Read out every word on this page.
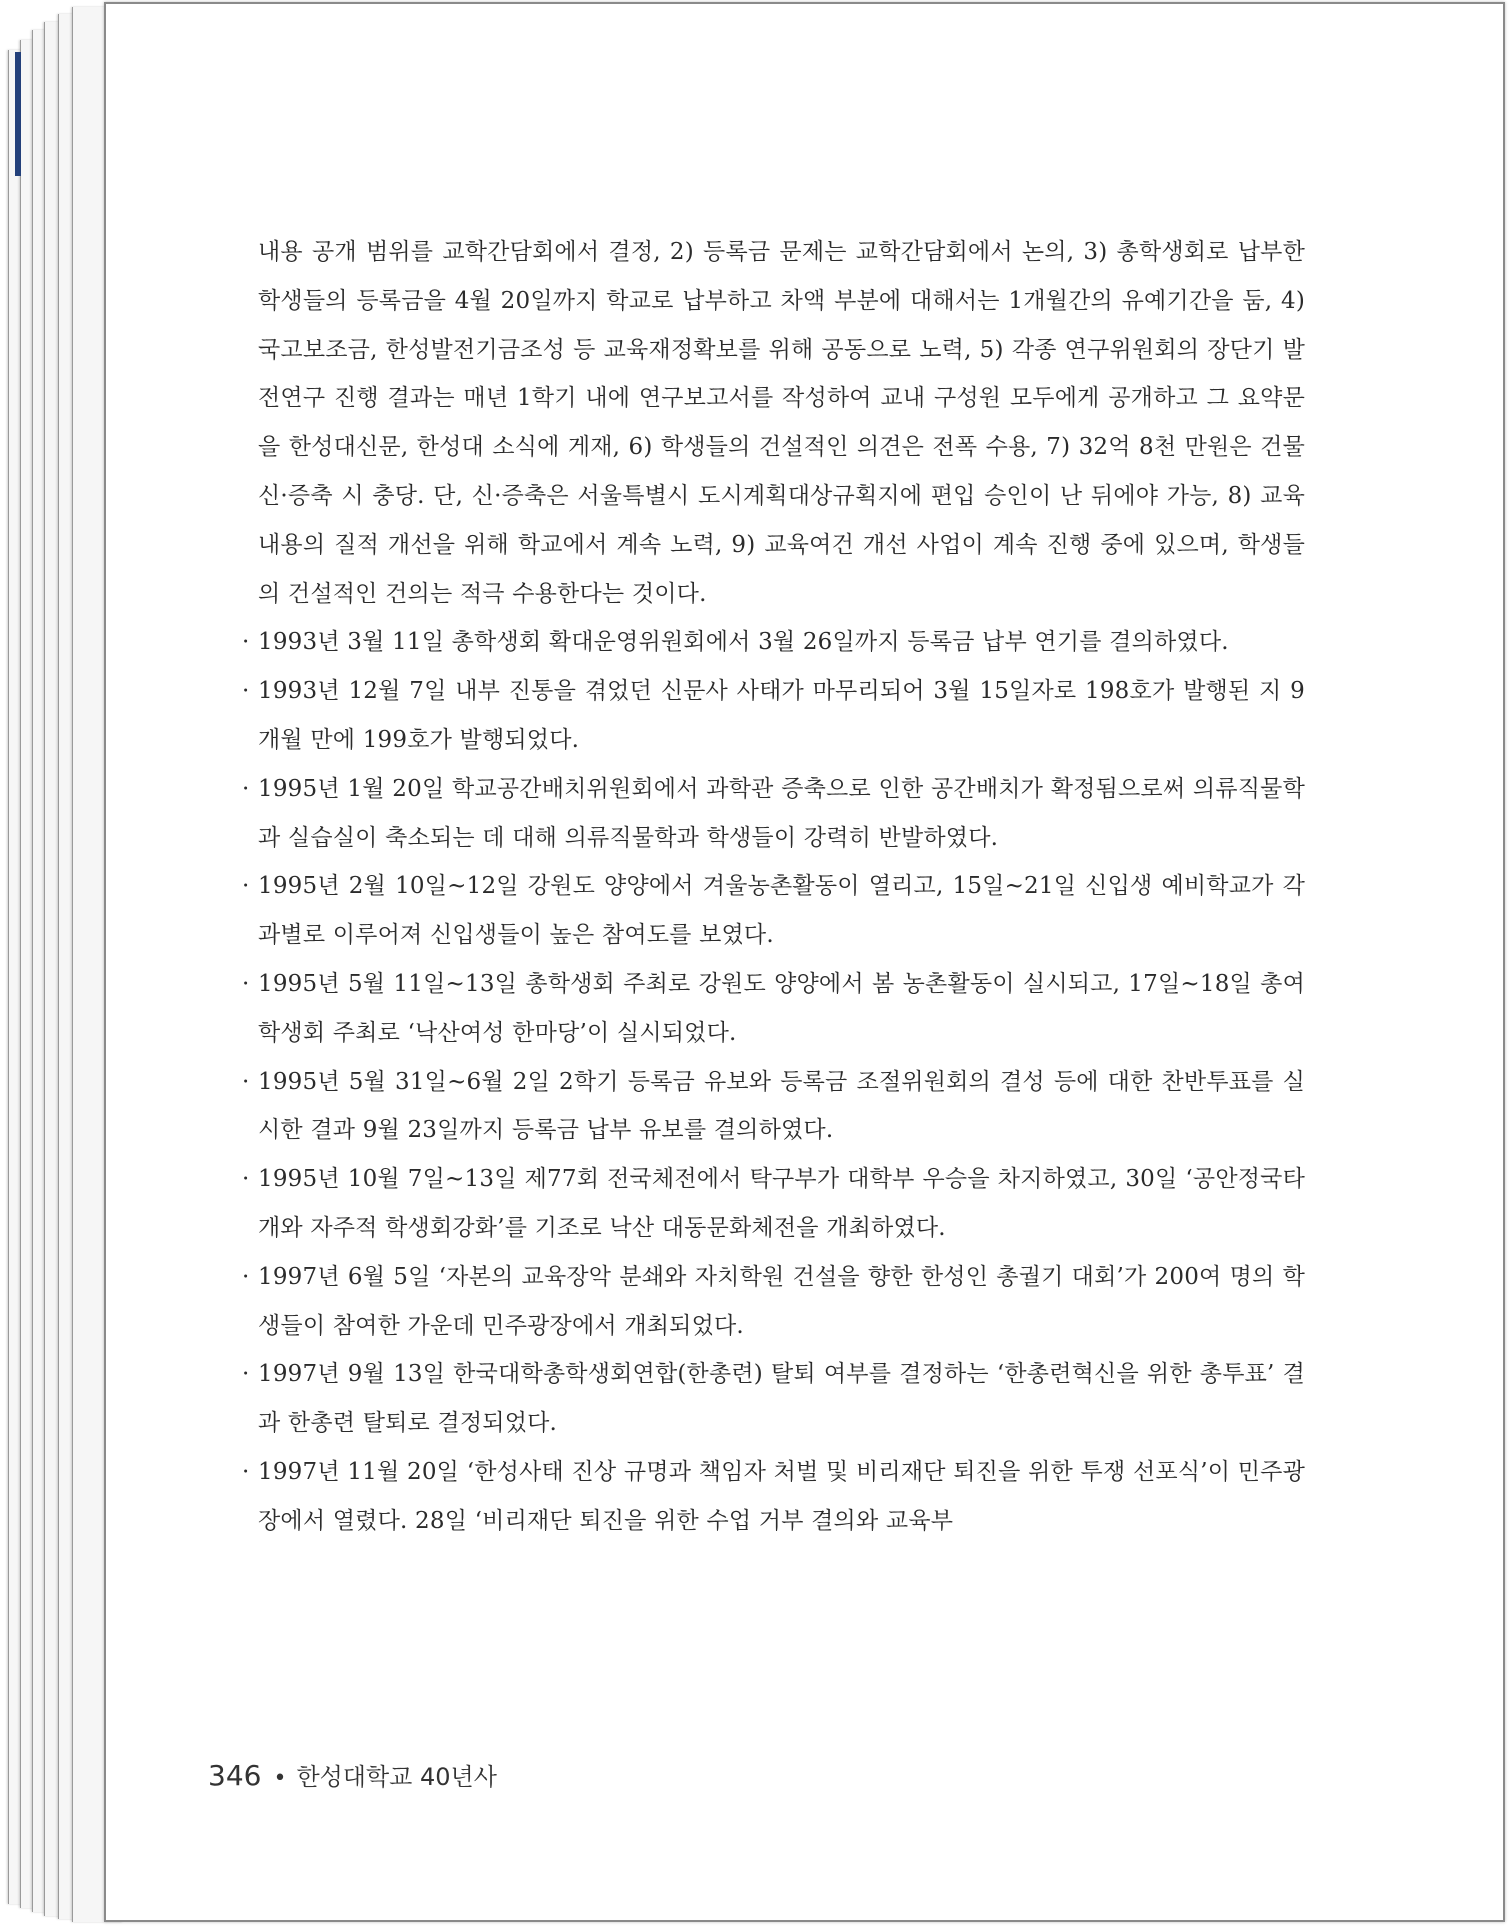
내용 공개 범위를 교학간담회에서 결정, 2) 등록금 문제는 교학간담회에서 논의, 3) 총학생회로 납부한 학생들의 등록금을 4월 20일까지 학교로 납부하고 차액 부분에 대해서는 1개월간의 유예기간을 둠, 4) 국고보조금, 한성발전기금조성 등 교육재정확보를 위해 공동으로 노력, 5) 각종 연구위원회의 장단기 발전연구 진행 결과는 매년 1학기 내에 연구보고서를 작성하여 교내 구성원 모두에게 공개하고 그 요약문을 한성대신문, 한성대 소식에 게재, 6) 학생들의 건설적인 의견은 전폭 수용, 7) 32억 8천 만원은 건물 신·증축 시 충당. 단, 신·증축은 서울특별시 도시계획대상규획지에 편입 승인이 난 뒤에야 가능, 8) 교육 내용의 질적 개선을 위해 학교에서 계속 노력, 9) 교육여건 개선 사업이 계속 진행 중에 있으며, 학생들의 건설적인 건의는 적극 수용한다는 것이다.

· 1993년 3월 11일 총학생회 확대운영위원회에서 3월 26일까지 등록금 납부 연기를 결의하였다.

· 1993년 12월 7일 내부 진통을 겪었던 신문사 사태가 마무리되어 3월 15일자로 198호가 발행된 지 9개월 만에 199호가 발행되었다.

· 1995년 1월 20일 학교공간배치위원회에서 과학관 증축으로 인한 공간배치가 확정됨으로써 의류직물학과 실습실이 축소되는 데 대해 의류직물학과 학생들이 강력히 반발하였다.

· 1995년 2월 10일~12일 강원도 양양에서 겨울농촌활동이 열리고, 15일~21일 신입생 예비학교가 각 과별로 이루어져 신입생들이 높은 참여도를 보였다.

· 1995년 5월 11일~13일 총학생회 주최로 강원도 양양에서 봄 농촌활동이 실시되고, 17일~18일 총여학생회 주최로 ‘낙산여성 한마당’이 실시되었다.

· 1995년 5월 31일~6월 2일 2학기 등록금 유보와 등록금 조절위원회의 결성 등에 대한 찬반투표를 실시한 결과 9월 23일까지 등록금 납부 유보를 결의하였다.

· 1995년 10월 7일~13일 제77회 전국체전에서 탁구부가 대학부 우승을 차지하였고, 30일 ‘공안정국타개와 자주적 학생회강화’를 기조로 낙산 대동문화체전을 개최하였다.

· 1997년 6월 5일 ‘자본의 교육장악 분쇄와 자치학원 건설을 향한 한성인 총궐기 대회’가 200여 명의 학생들이 참여한 가운데 민주광장에서 개최되었다.

· 1997년 9월 13일 한국대학총학생회연합(한총련) 탈퇴 여부를 결정하는 ‘한총련혁신을 위한 총투표’ 결과 한총련 탈퇴로 결정되었다.

· 1997년 11월 20일 ‘한성사태 진상 규명과 책임자 처벌 및 비리재단 퇴진을 위한 투쟁 선포식’이 민주광장에서 열렸다. 28일 ‘비리재단 퇴진을 위한 수업 거부 결의와 교육부

346 • 한성대학교 40년사
